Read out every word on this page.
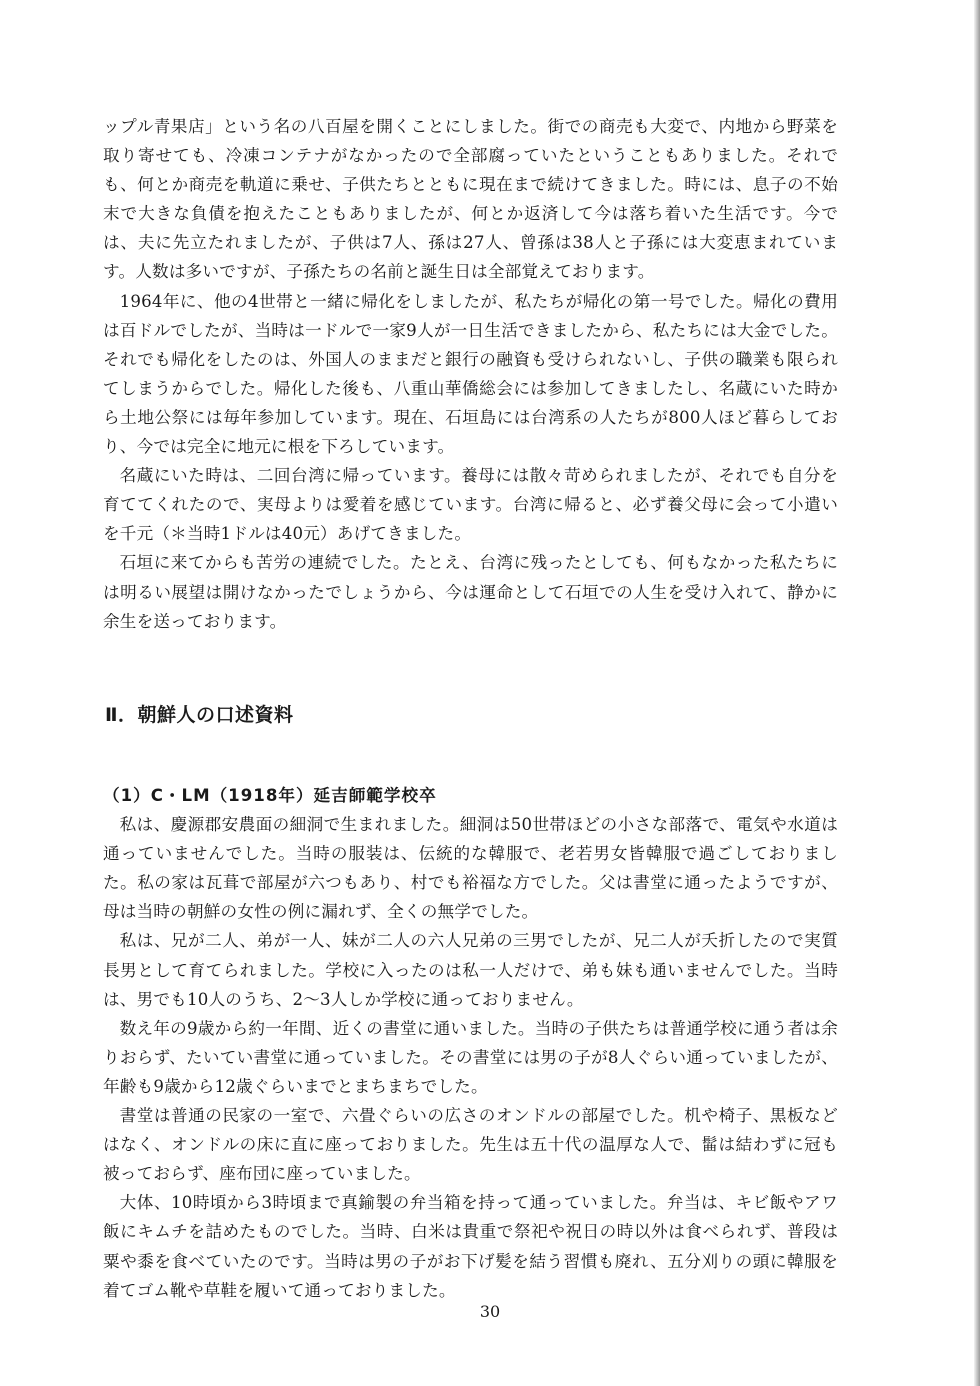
ップル青果店」という名の八百屋を開くことにしました。街での商売も大変で、内地から野菜を取り寄せても、冷凍コンテナがなかったので全部腐っていたということもありました。それでも、何とか商売を軌道に乗せ、子供たちとともに現在まで続けてきました。時には、息子の不始末で大きな負債を抱えたこともありましたが、何とか返済して今は落ち着いた生活です。今では、夫に先立たれましたが、子供は7人、孫は27人、曾孫は38人と子孫には大変恵まれています。人数は多いですが、子孫たちの名前と誕生日は全部覚えております。

1964年に、他の4世帯と一緒に帰化をしましたが、私たちが帰化の第一号でした。帰化の費用は百ドルでしたが、当時は一ドルで一家9人が一日生活できましたから、私たちには大金でした。それでも帰化をしたのは、外国人のままだと銀行の融資も受けられないし、子供の職業も限られてしまうからでした。帰化した後も、八重山華僑総会には参加してきましたし、名蔵にいた時から土地公祭には毎年参加しています。現在、石垣島には台湾系の人たちが800人ほど暮らしており、今では完全に地元に根を下ろしています。

名蔵にいた時は、二回台湾に帰っています。養母には散々苛められましたが、それでも自分を育ててくれたので、実母よりは愛着を感じています。台湾に帰ると、必ず養父母に会って小遣いを千元（＊当時1ドルは40元）あげてきました。

石垣に来てからも苦労の連続でした。たとえ、台湾に残ったとしても、何もなかった私たちには明るい展望は開けなかったでしょうから、今は運命として石垣での人生を受け入れて、静かに余生を送っております。

Ⅱ．朝鮮人の口述資料
（1）C・LM（1918年）延吉師範学校卒

私は、慶源郡安農面の細洞で生まれました。細洞は50世帯ほどの小さな部落で、電気や水道は通っていませんでした。当時の服装は、伝統的な韓服で、老若男女皆韓服で過ごしておりました。私の家は瓦葺で部屋が六つもあり、村でも裕福な方でした。父は書堂に通ったようですが、母は当時の朝鮮の女性の例に漏れず、全くの無学でした。

私は、兄が二人、弟が一人、妹が二人の六人兄弟の三男でしたが、兄二人が夭折したので実質長男として育てられました。学校に入ったのは私一人だけで、弟も妹も通いませんでした。当時は、男でも10人のうち、2～3人しか学校に通っておりません。

数え年の9歳から約一年間、近くの書堂に通いました。当時の子供たちは普通学校に通う者は余りおらず、たいてい書堂に通っていました。その書堂には男の子が8人ぐらい通っていましたが、年齢も9歳から12歳ぐらいまでとまちまちでした。

書堂は普通の民家の一室で、六畳ぐらいの広さのオンドルの部屋でした。机や椅子、黒板などはなく、オンドルの床に直に座っておりました。先生は五十代の温厚な人で、髷は結わずに冠も被っておらず、座布団に座っていました。

大体、10時頃から3時頃まで真鍮製の弁当箱を持って通っていました。弁当は、キビ飯やアワ飯にキムチを詰めたものでした。当時、白米は貴重で祭祀や祝日の時以外は食べられず、普段は粟や黍を食べていたのです。当時は男の子がお下げ髪を結う習慣も廃れ、五分刈りの頭に韓服を着てゴム靴や草鞋を履いて通っておりました。

30
